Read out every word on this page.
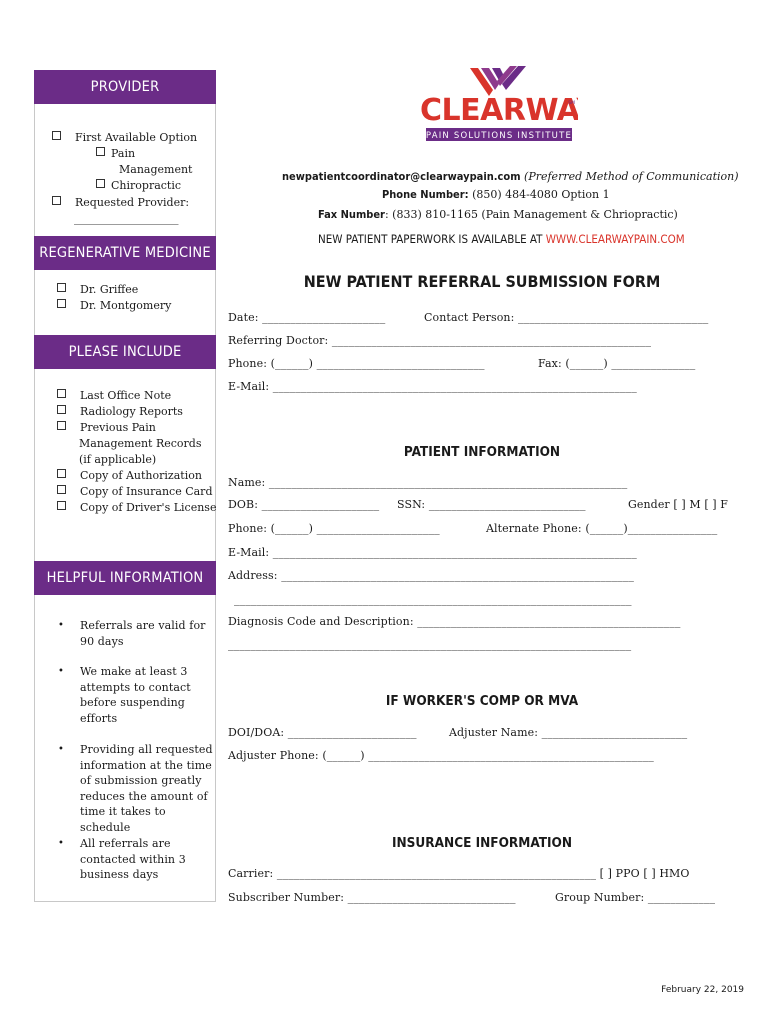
PROVIDER
First Available Option
Pain
Management
Chiropractic
Requested Provider:
___________________
REGENERATIVE MEDICINE
Dr. Griffee
Dr. Montgomery
PLEASE INCLUDE
Last Office Note
Radiology Reports
Previous Pain
Management Records
(if applicable)
Copy of Authorization
Copy of Insurance Card
Copy of Driver's License
HELPFUL INFORMATION
• Referrals are valid for 90 days
• We make at least 3 attempts to contact before suspending efforts
• Providing all requested information at the time of submission greatly reduces the amount of time it takes to schedule
• All referrals are contacted within 3 business days
CLEARWA
SM
PAIN SOLUTIONS INSTITUTE
newpatientcoordinator@clearwaypain.com (Preferred Method of Communication)
Phone Number: (850) 484-4080 Option 1
Fax Number: (833) 810-1165 (Pain Management & Chriopractic)
NEW PATIENT PAPERWORK IS AVAILABLE AT WWW.CLEARWAYPAIN.COM
NEW PATIENT REFERRAL SUBMISSION FORM
Date: ______________________	Contact Person: __________________________________
Referring Doctor: _________________________________________________________
Phone: (______) ______________________________	Fax: (______) _______________
E-Mail: _________________________________________________________________
PATIENT INFORMATION
Name: ________________________________________________________________
DOB: _____________________ SSN: ____________________________	Gender [ ] M [ ] F
Phone: (______) ______________________	Alternate Phone: (______)________________
E-Mail: _________________________________________________________________
Address: _______________________________________________________________
_______________________________________________________________________
Diagnosis Code and Description: _______________________________________________
________________________________________________________________________
IF WORKER'S COMP OR MVA
DOI/DOA: _______________________	Adjuster Name: __________________________
Adjuster Phone: (______) ___________________________________________________
INSURANCE INFORMATION
Carrier: _________________________________________________________ [ ] PPO [ ] HMO
Subscriber Number: ______________________________	Group Number: ____________
February 22, 2019
